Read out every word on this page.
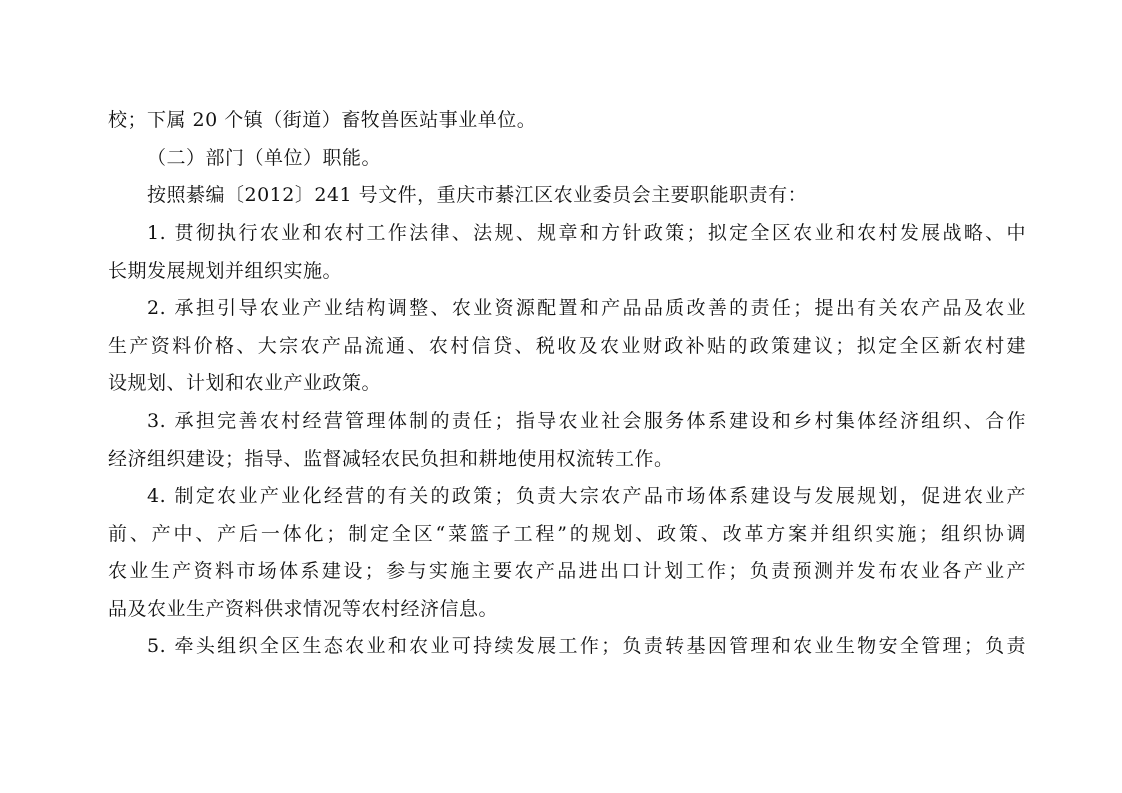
校；下属 20 个镇（街道）畜牧兽医站事业单位。
（二）部门（单位）职能。
按照綦编〔2012〕241 号文件，重庆市綦江区农业委员会主要职能职责有：
1. 贯彻执行农业和农村工作法律、法规、规章和方针政策；拟定全区农业和农村发展战略、中
长期发展规划并组织实施。
2. 承担引导农业产业结构调整、农业资源配置和产品品质改善的责任；提出有关农产品及农业
生产资料价格、大宗农产品流通、农村信贷、税收及农业财政补贴的政策建议；拟定全区新农村建
设规划、计划和农业产业政策。
3. 承担完善农村经营管理体制的责任；指导农业社会服务体系建设和乡村集体经济组织、合作
经济组织建设；指导、监督减轻农民负担和耕地使用权流转工作。
4. 制定农业产业化经营的有关的政策；负责大宗农产品市场体系建设与发展规划，促进农业产
前、产中、产后一体化；制定全区“菜篮子工程”的规划、政策、改革方案并组织实施；组织协调
农业生产资料市场体系建设；参与实施主要农产品进出口计划工作；负责预测并发布农业各产业产
品及农业生产资料供求情况等农村经济信息。
5. 牵头组织全区生态农业和农业可持续发展工作；负责转基因管理和农业生物安全管理；负责
